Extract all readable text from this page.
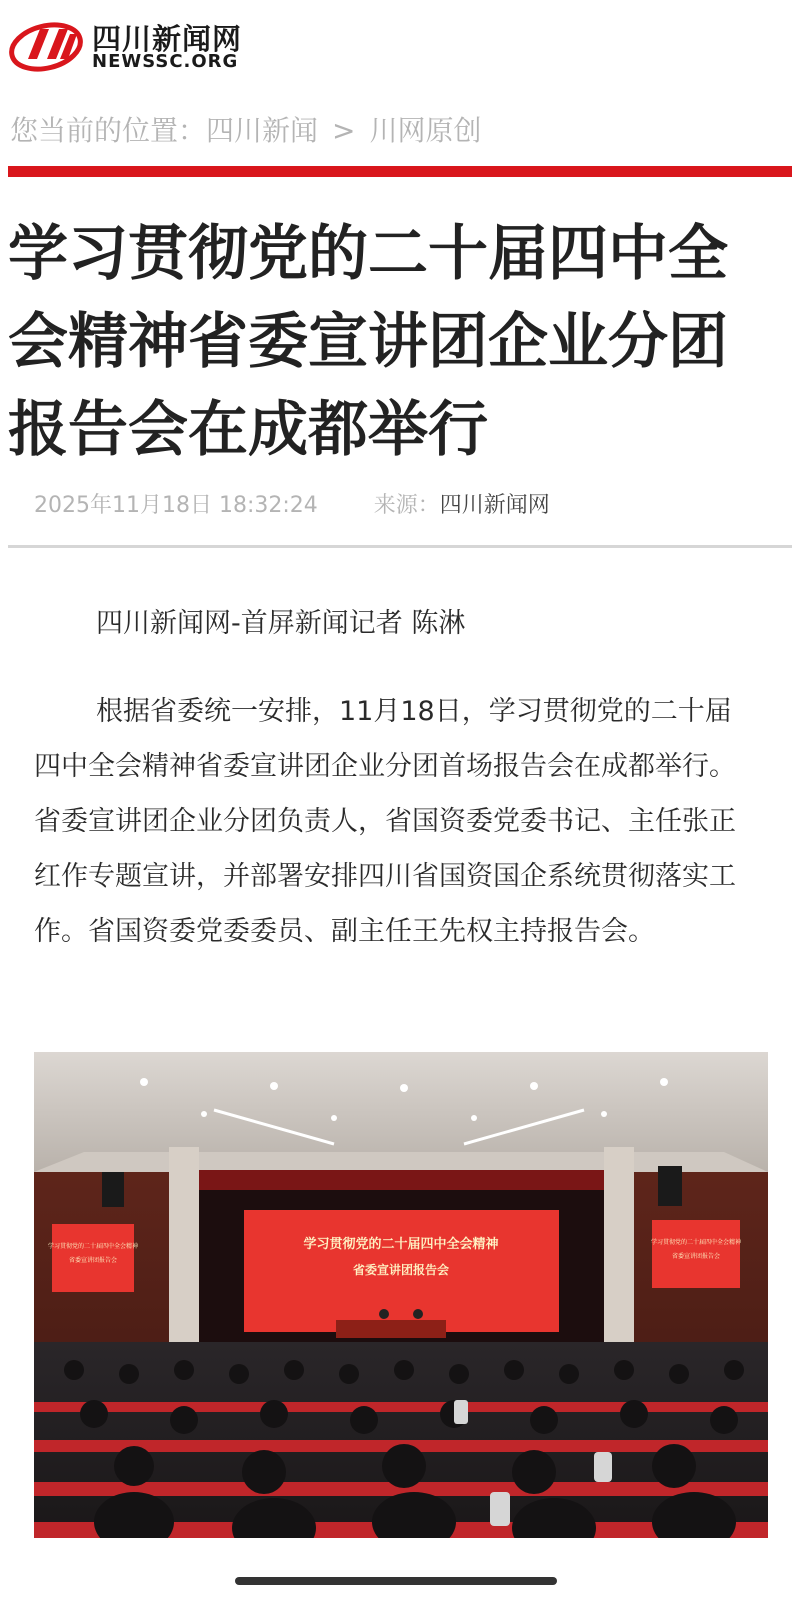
四川新闻网
NEWSSC.ORG
您当前的位置：四川新闻 > 川网原创
学习贯彻党的二十届四中全会精神省委宣讲团企业分团报告会在成都举行
2025年11月18日 18:32:24	来源：四川新闻网

四川新闻网-首屏新闻记者 陈淋

根据省委统一安排，11月18日，学习贯彻党的二十届四中全会精神省委宣讲团企业分团首场报告会在成都举行。省委宣讲团企业分团负责人，省国资委党委书记、主任张正红作专题宣讲，并部署安排四川省国资国企系统贯彻落实工作。省国资委党委委员、副主任王先权主持报告会。

学习贯彻党的二十届四中全会精神
省委宣讲团报告会
学习贯彻党的二十届四中全会精神
省委宣讲团报告会
学习贯彻党的二十届四中全会精神
省委宣讲团报告会
